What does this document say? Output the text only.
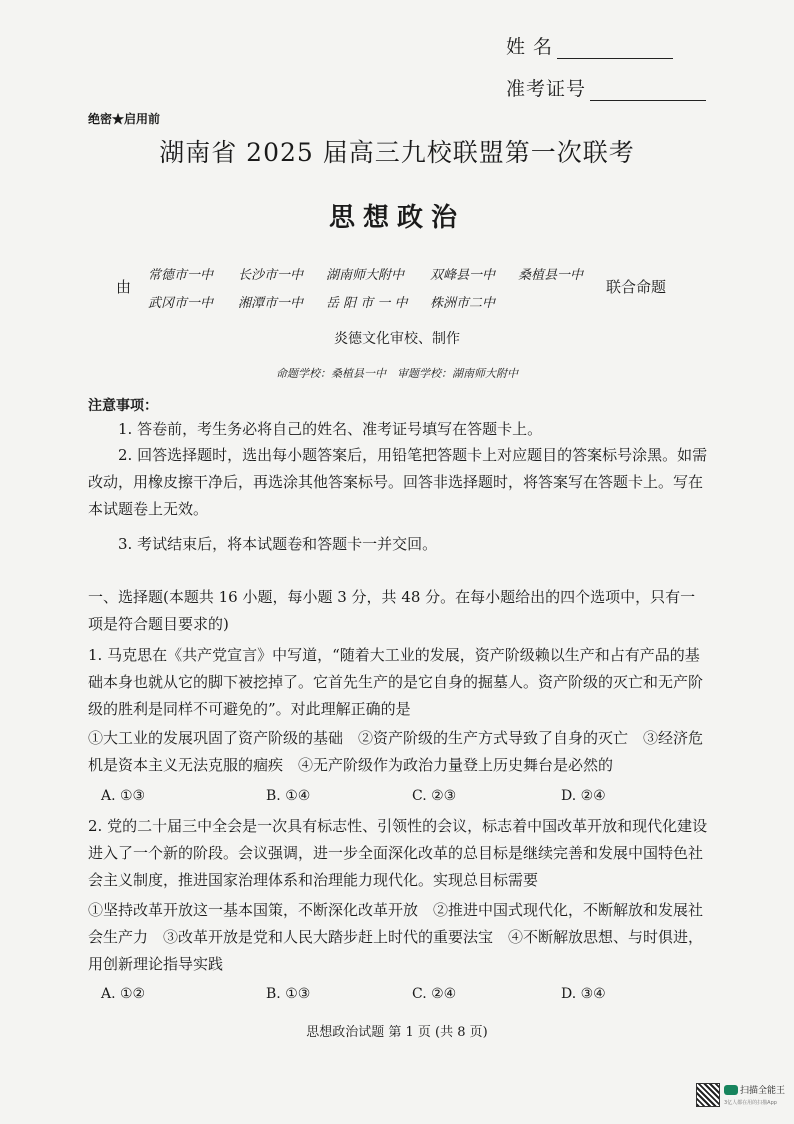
姓 名
准考证号
绝密★启用前
湖南省 2025 届高三九校联盟第一次联考
思想政治
由
常德市一中 长沙市一中 湖南师大附中 双峰县一中 桑植县一中
武冈市一中 湘潭市一中 岳 阳 市 一 中 株洲市二中
联合命题
炎德文化审校、制作
命题学校：桑植县一中　审题学校：湖南师大附中
注意事项：
1. 答卷前，考生务必将自己的姓名、准考证号填写在答题卡上。
2. 回答选择题时，选出每小题答案后，用铅笔把答题卡上对应题目的答案标号涂黑。如需改动，用橡皮擦干净后，再选涂其他答案标号。回答非选择题时，将答案写在答题卡上。写在本试题卷上无效。
3. 考试结束后，将本试题卷和答题卡一并交回。
一、选择题(本题共 16 小题，每小题 3 分，共 48 分。在每小题给出的四个选项中，只有一项是符合题目要求的)
1. 马克思在《共产党宣言》中写道，“随着大工业的发展，资产阶级赖以生产和占有产品的基础本身也就从它的脚下被挖掉了。它首先生产的是它自身的掘墓人。资产阶级的灭亡和无产阶级的胜利是同样不可避免的”。对此理解正确的是
①大工业的发展巩固了资产阶级的基础　②资产阶级的生产方式导致了自身的灭亡　③经济危机是资本主义无法克服的痼疾　④无产阶级作为政治力量登上历史舞台是必然的
A. ①③	B. ①④	C. ②③	D. ②④
2. 党的二十届三中全会是一次具有标志性、引领性的会议，标志着中国改革开放和现代化建设进入了一个新的阶段。会议强调，进一步全面深化改革的总目标是继续完善和发展中国特色社会主义制度，推进国家治理体系和治理能力现代化。实现总目标需要
①坚持改革开放这一基本国策，不断深化改革开放　②推进中国式现代化，不断解放和发展社会生产力　③改革开放是党和人民大踏步赶上时代的重要法宝　④不断解放思想、与时俱进，用创新理论指导实践
A. ①②	B. ①③	C. ②④	D. ③④
思想政治试题 第 1 页 (共 8 页)
扫描全能王
3亿人都在用的扫描App
